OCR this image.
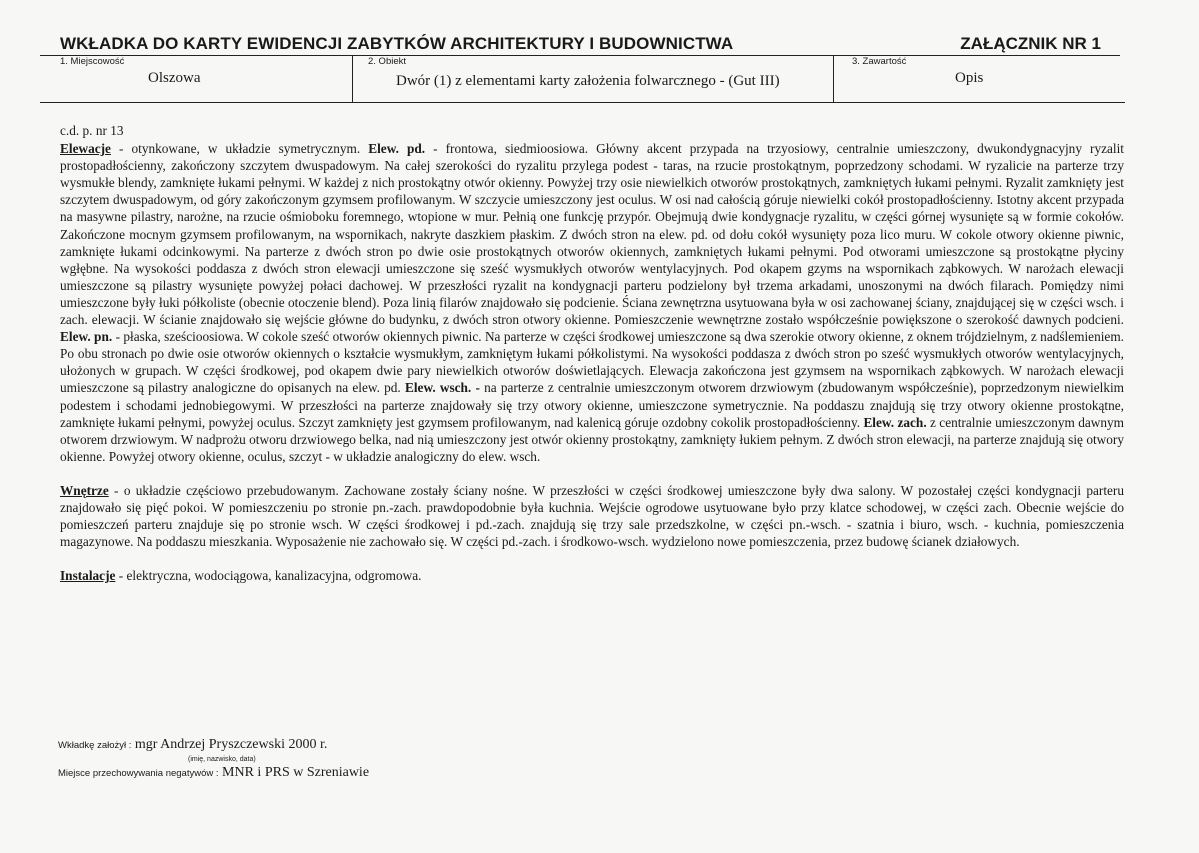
WKŁADKA DO KARTY EWIDENCJI ZABYTKÓW ARCHITEKTURY I BUDOWNICTWA	ZAŁĄCZNIK NR 1
1. Miejscowość
Olszowa
2. Obiekt
Dwór (1) z elementami karty założenia folwarcznego - (Gut III)
3. Zawartość
Opis

c.d. p. nr 13

Elewacje - otynkowane, w układzie symetrycznym. Elew. pd. - frontowa, siedmioosiowa. Główny akcent przypada na trzyosiowy, centralnie umieszczony, dwukondygnacyjny ryzalit prostopadłościenny, zakończony szczytem dwuspadowym. Na całej szerokości do ryzalitu przylega podest - taras, na rzucie prostokątnym, poprzedzony schodami. W ryzalicie na parterze trzy wysmukłe blendy, zamknięte łukami pełnymi. W każdej z nich prostokątny otwór okienny. Powyżej trzy osie niewielkich otworów prostokątnych, zamkniętych łukami pełnymi. Ryzalit zamknięty jest szczytem dwuspadowym, od góry zakończonym gzymsem profilowanym. W szczycie umieszczony jest oculus. W osi nad całością góruje niewielki cokół prostopadłościenny. Istotny akcent przypada na masywne pilastry, narożne, na rzucie ośmioboku foremnego, wtopione w mur. Pełnią one funkcję przypór. Obejmują dwie kondygnacje ryzalitu, w części górnej wysunięte są w formie cokołów. Zakończone mocnym gzymsem profilowanym, na wspornikach, nakryte daszkiem płaskim. Z dwóch stron na elew. pd. od dołu cokół wysunięty poza lico muru. W cokole otwory okienne piwnic, zamknięte łukami odcinkowymi. Na parterze z dwóch stron po dwie osie prostokątnych otworów okiennych, zamkniętych łukami pełnymi. Pod otworami umieszczone są prostokątne płyciny wgłębne. Na wysokości poddasza z dwóch stron elewacji umieszczone się sześć wysmukłych otworów wentylacyjnych. Pod okapem gzyms na wspornikach ząbkowych. W narożach elewacji umieszczone są pilastry wysunięte powyżej połaci dachowej. W przeszłości ryzalit na kondygnacji parteru podzielony był trzema arkadami, unoszonymi na dwóch filarach. Pomiędzy nimi umieszczone były łuki półkoliste (obecnie otoczenie blend). Poza linią filarów znajdowało się podcienie. Ściana zewnętrzna usytuowana była w osi zachowanej ściany, znajdującej się w części wsch. i zach. elewacji. W ścianie znajdowało się wejście główne do budynku, z dwóch stron otwory okienne. Pomieszczenie wewnętrzne zostało współcześnie powiększone o szerokość dawnych podcieni. Elew. pn. - płaska, sześcioosiowa. W cokole sześć otworów okiennych piwnic. Na parterze w części środkowej umieszczone są dwa szerokie otwory okienne, z oknem trójdzielnym, z nadślemieniem. Po obu stronach po dwie osie otworów okiennych o kształcie wysmukłym, zamkniętym łukami półkolistymi. Na wysokości poddasza z dwóch stron po sześć wysmukłych otworów wentylacyjnych, ułożonych w grupach. W części środkowej, pod okapem dwie pary niewielkich otworów doświetlających. Elewacja zakończona jest gzymsem na wspornikach ząbkowych. W narożach elewacji umieszczone są pilastry analogiczne do opisanych na elew. pd. Elew. wsch. - na parterze z centralnie umieszczonym otworem drzwiowym (zbudowanym współcześnie), poprzedzonym niewielkim podestem i schodami jednobiegowymi. W przeszłości na parterze znajdowały się trzy otwory okienne, umieszczone symetrycznie. Na poddaszu znajdują się trzy otwory okienne prostokątne, zamknięte łukami pełnymi, powyżej oculus. Szczyt zamknięty jest gzymsem profilowanym, nad kalenicą góruje ozdobny cokolik prostopadłościenny. Elew. zach. z centralnie umieszczonym dawnym otworem drzwiowym. W nadprożu otworu drzwiowego belka, nad nią umieszczony jest otwór okienny prostokątny, zamknięty łukiem pełnym. Z dwóch stron elewacji, na parterze znajdują się otwory okienne. Powyżej otwory okienne, oculus, szczyt - w układzie analogiczny do elew. wsch.

Wnętrze - o układzie częściowo przebudowanym. Zachowane zostały ściany nośne. W przeszłości w części środkowej umieszczone były dwa salony. W pozostałej części kondygnacji parteru znajdowało się pięć pokoi. W pomieszczeniu po stronie pn.-zach. prawdopodobnie była kuchnia. Wejście ogrodowe usytuowane było przy klatce schodowej, w części zach. Obecnie wejście do pomieszczeń parteru znajduje się po stronie wsch. W części środkowej i pd.-zach. znajdują się trzy sale przedszkolne, w części pn.-wsch. - szatnia i biuro, wsch. - kuchnia, pomieszczenia magazynowe. Na poddaszu mieszkania. Wyposażenie nie zachowało się. W części pd.-zach. i środkowo-wsch. wydzielono nowe pomieszczenia, przez budowę ścianek działowych.

Instalacje - elektryczna, wodociągowa, kanalizacyjna, odgromowa.

Wkładkę założył : mgr Andrzej Pryszczewski 2000 r.
(imię, nazwisko, data)
Miejsce przechowywania negatywów : MNR i PRS w Szreniawie
